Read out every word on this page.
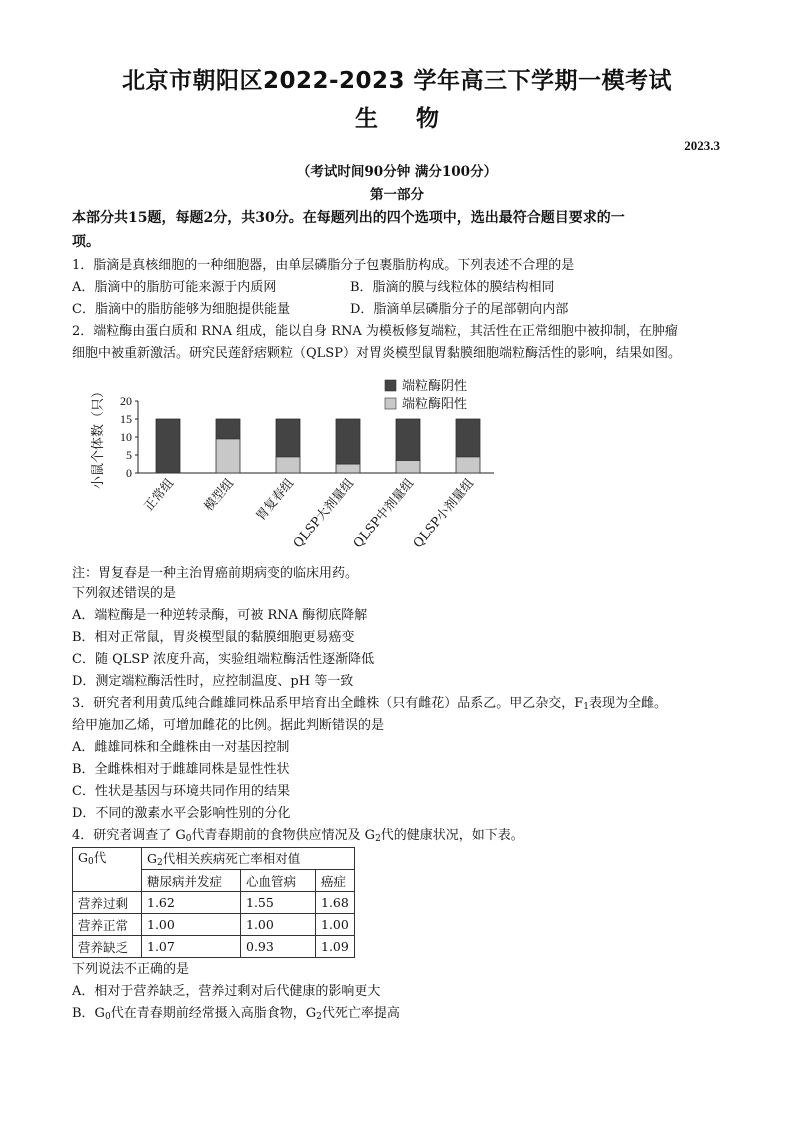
北京市朝阳区2022-2023 学年高三下学期一模考试
生物
2023.3
（考试时间90分钟 满分100分）
第一部分
本部分共15题，每题2分，共30分。在每题列出的四个选项中，选出最符合题目要求的一
项。
1．脂滴是真核细胞的一种细胞器，由单层磷脂分子包裹脂肪构成。下列表述不合理的是
A．脂滴中的脂肪可能来源于内质网	B．脂滴的膜与线粒体的膜结构相同
C．脂滴中的脂肪能够为细胞提供能量	D．脂滴单层磷脂分子的尾部朝向内部
2．端粒酶由蛋白质和 RNA 组成，能以自身 RNA 为模板修复端粒，其活性在正常细胞中被抑制，在肿瘤
细胞中被重新激活。研究民莲舒痞颗粒（QLSP）对胃炎模型鼠胃黏膜细胞端粒酶活性的影响，结果如图。
0
5
10
15
20
小鼠个体数（只）
正常组 模型组 胃复春组
QLSP大剂量组
QLSP中剂量组
QLSP小剂量组
端粒酶阴性
端粒酶阳性
注：胃复春是一种主治胃癌前期病变的临床用药。
下列叙述错误的是
A．端粒酶是一种逆转录酶，可被 RNA 酶彻底降解
B．相对正常鼠，胃炎模型鼠的黏膜细胞更易癌变
C．随 QLSP 浓度升高，实验组端粒酶活性逐渐降低
D．测定端粒酶活性时，应控制温度、pH 等一致
3．研究者利用黄瓜纯合雌雄同株品系甲培育出全雌株（只有雌花）品系乙。甲乙杂交，$F_1$表现为全雌。
给甲施加乙烯，可增加雌花的比例。据此判断错误的是
A．雌雄同株和全雌株由一对基因控制
B．全雌株相对于雌雄同株是显性性状
C．性状是基因与环境共同作用的结果
D．不同的激素水平会影响性别的分化
4．研究者调查了 $G_0$代青春期前的食物供应情况及 $G_2$代的健康状况，如下表。
$G_0$代	$G_2$代相关疾病死亡率相对值		
	糖尿病并发症	心血管病	癌症
营养过剩	1.62	1.55	1.68
营养正常	1.00	1.00	1.00
营养缺乏	1.07	0.93	1.09
下列说法不正确的是
A．相对于营养缺乏，营养过剩对后代健康的影响更大
B．$G_0$代在青春期前经常摄入高脂食物，$G_2$代死亡率提高
